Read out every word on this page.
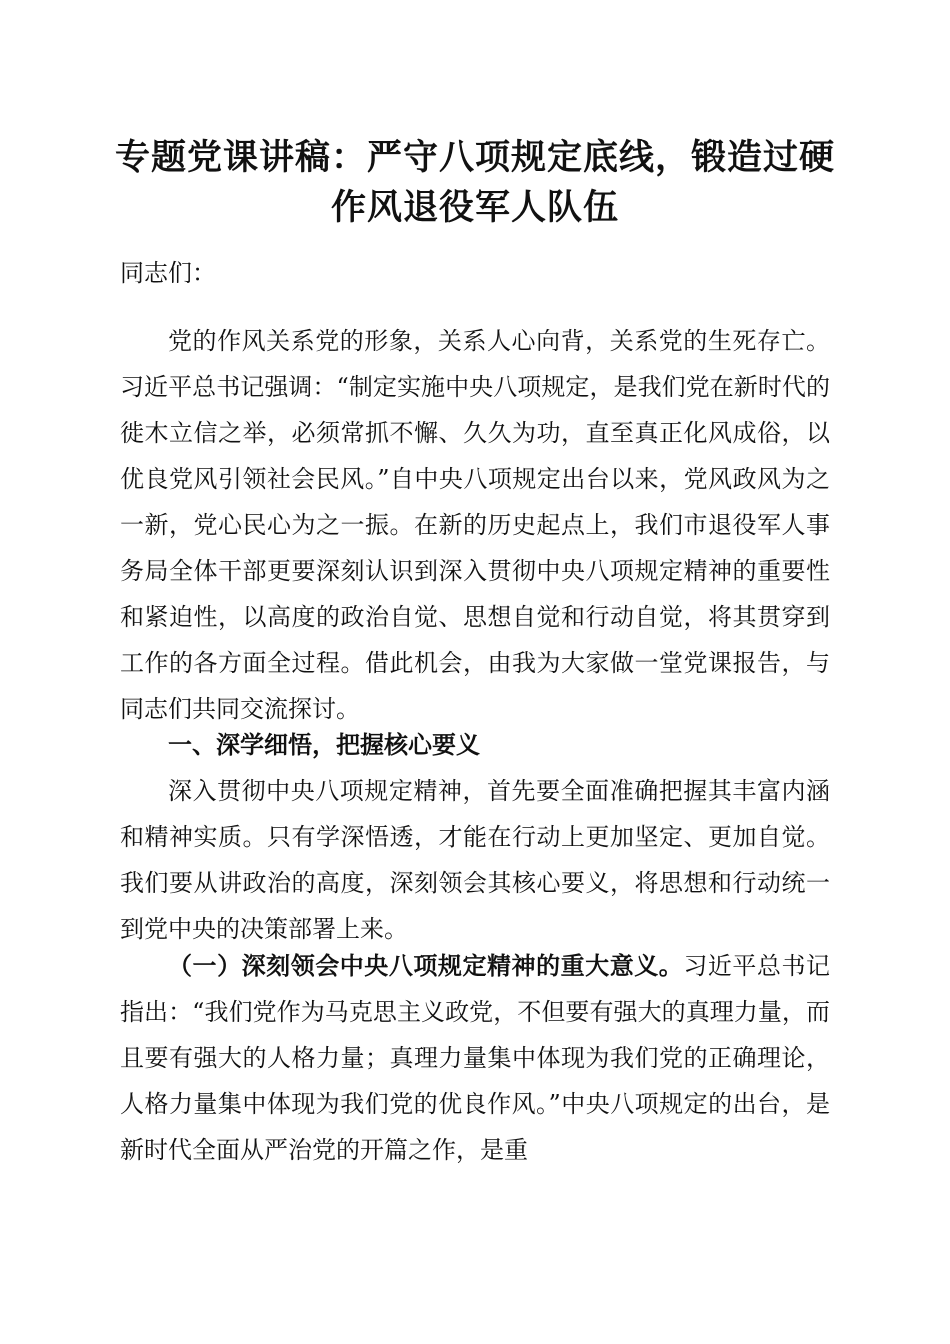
专题党课讲稿：严守八项规定底线，锻造过硬
作风退役军人队伍
同志们：

党的作风关系党的形象，关系人心向背，关系党的生死存亡。习近平总书记强调：“制定实施中央八项规定，是我们党在新时代的徙木立信之举，必须常抓不懈、久久为功，直至真正化风成俗，以优良党风引领社会民风。”自中央八项规定出台以来，党风政风为之一新，党心民心为之一振。在新的历史起点上，我们市退役军人事务局全体干部更要深刻认识到深入贯彻中央八项规定精神的重要性和紧迫性，以高度的政治自觉、思想自觉和行动自觉，将其贯穿到工作的各方面全过程。借此机会，由我为大家做一堂党课报告，与同志们共同交流探讨。

一、深学细悟，把握核心要义

深入贯彻中央八项规定精神，首先要全面准确把握其丰富内涵和精神实质。只有学深悟透，才能在行动上更加坚定、更加自觉。我们要从讲政治的高度，深刻领会其核心要义，将思想和行动统一到党中央的决策部署上来。

（一）深刻领会中央八项规定精神的重大意义。习近平总书记指出：“我们党作为马克思主义政党，不但要有强大的真理力量，而且要有强大的人格力量；真理力量集中体现为我们党的正确理论，人格力量集中体现为我们党的优良作风。”中央八项规定的出台，是新时代全面从严治党的开篇之作，是重
